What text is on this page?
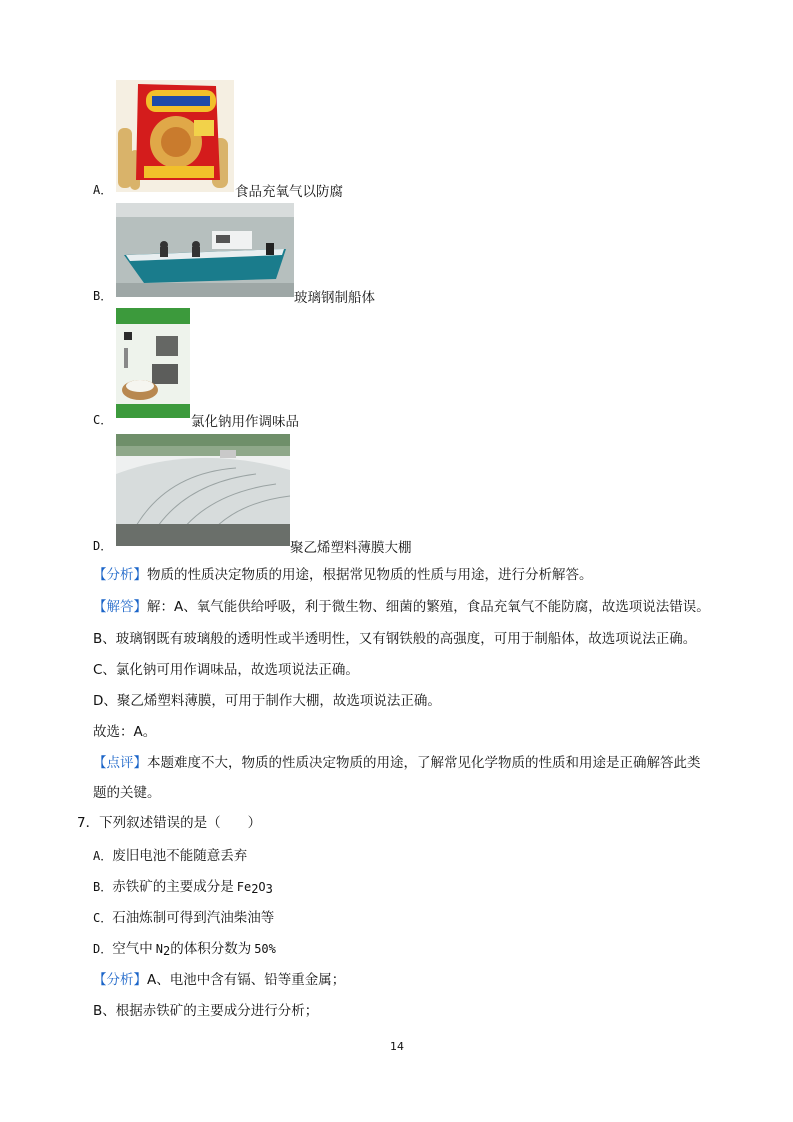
A．	食品充氧气以防腐
B．	玻璃钢制船体
C．	氯化钠用作调味品
D．	聚乙烯塑料薄膜大棚
【分析】物质的性质决定物质的用途，根据常见物质的性质与用途，进行分析解答。
【解答】解：A、氧气能供给呼吸，利于微生物、细菌的繁殖，食品充氧气不能防腐，故选项说法错误。
B、玻璃钢既有玻璃般的透明性或半透明性，又有钢铁般的高强度，可用于制船体，故选项说法正确。
C、氯化钠可用作调味品，故选项说法正确。
D、聚乙烯塑料薄膜，可用于制作大棚，故选项说法正确。
故选：A。
【点评】本题难度不大，物质的性质决定物质的用途，了解常见化学物质的性质和用途是正确解答此类
题的关键。
7．下列叙述错误的是（　　）
A．废旧电池不能随意丢弃
B．赤铁矿的主要成分是 $Fe_2O_3$
C．石油炼制可得到汽油柴油等
D．空气中 $N_2$的体积分数为 50%
【分析】A、电池中含有镉、铅等重金属；
B、根据赤铁矿的主要成分进行分析；
14
